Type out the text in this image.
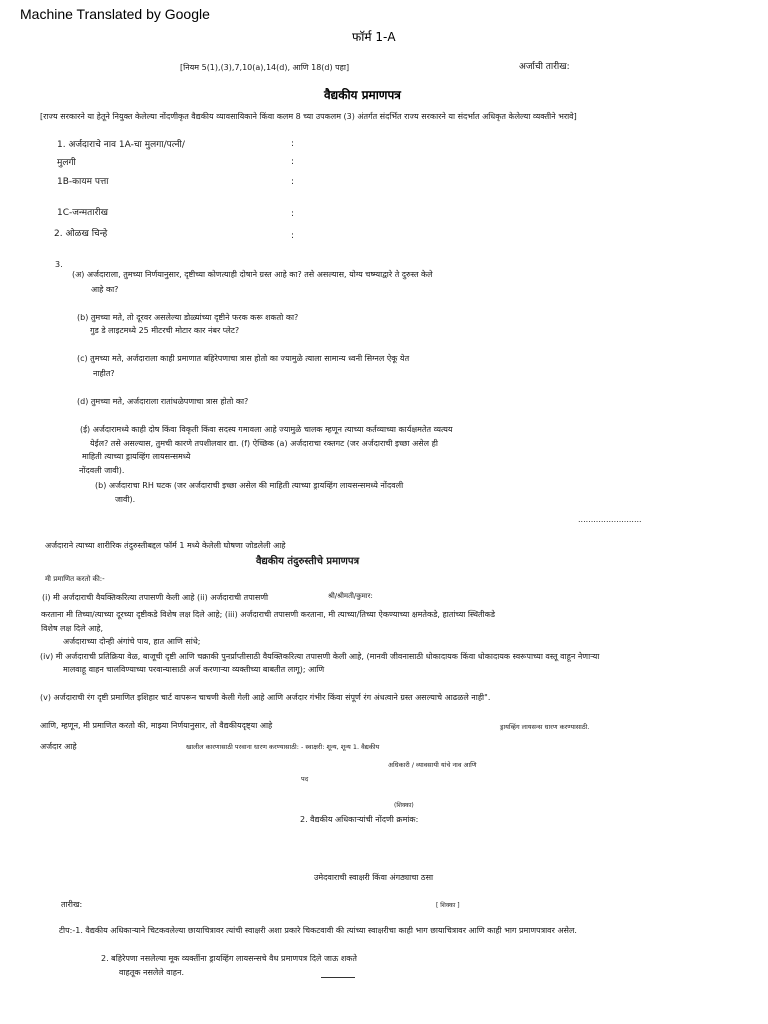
Machine Translated by Google
फॉर्म 1-A
[नियम 5(1),(3),7,10(a),14(d), आणि 18(d) पहा]	अर्जाची तारीख:
वैद्यकीय प्रमाणपत्र
[राज्य सरकारने या हेतूने नियुक्त केलेल्या नोंदणीकृत वैद्यकीय व्यावसायिकाने किंवा कलम 8 च्या उपकलम (3) अंतर्गत संदर्भित राज्य सरकारने या संदर्भात अधिकृत केलेल्या व्यक्तीने भरावे]
1. अर्जदाराचे नाव 1A-चा मुलगा/पत्नी/	:
मुलगी	:
1B-कायम पत्ता	:
1C-जन्मतारीख	:
2. ओळख चिन्हे	:
3.
(अ) अर्जदाराला, तुमच्या निर्णयानुसार, दृष्टीच्या कोणत्याही दोषाने ग्रस्त आहे का? तसे असल्यास, योग्य चष्म्याद्वारे ते दुरुस्त केले
आहे का?
(b) तुमच्या मते, तो दूरवर असलेल्या डोळ्यांच्या दृष्टीने फरक करू शकतो का?
गुड डे लाइटमध्ये 25 मीटरची मोटार कार नंबर प्लेट?
(c) तुमच्या मते, अर्जदाराला काही प्रमाणात बहिरेपणाचा त्रास होतो का ज्यामुळे त्याला सामान्य ध्वनी सिग्नल ऐकू येत
नाहीत?
(d) तुमच्या मते, अर्जदाराला रातांधळेपणाचा त्रास होतो का?
(ई) अर्जदारामध्ये काही दोष किंवा विकृती किंवा सदस्य गमावला आहे ज्यामुळे चालक म्हणून त्याच्या कर्तव्याच्या कार्यक्षमतेत व्यत्यय
येईल? तसे असल्यास, तुमची कारणे तपशीलवार द्या. (f) ऐच्छिक (a) अर्जदाराचा रक्तगट (जर अर्जदाराची इच्छा असेल ही
माहिती त्याच्या ड्रायव्हिंग लायसन्समध्ये
नोंदवली जावी).
(b) अर्जदाराचा RH घटक (जर अर्जदाराची इच्छा असेल की माहिती त्याच्या ड्रायव्हिंग लायसन्समध्ये नोंदवली
जावी).
.........................
अर्जदाराने त्याच्या शारीरिक तंदुरुस्तीबद्दल फॉर्म 1 मध्ये केलेली घोषणा जोडलेली आहे
वैद्यकीय तंदुरुस्तीचे प्रमाणपत्र
मी प्रमाणित करतो की:-
(i) मी अर्जदाराची वैयक्तिकरित्या तपासणी केली आहे (ii) अर्जदाराची तपासणी	श्री/श्रीमती/कुमार:
करताना मी तिच्या/त्याच्या दूरच्या दृष्टीकडे विशेष लक्ष दिले आहे; (iii) अर्जदाराची तपासणी करताना, मी त्याच्या/तिच्या ऐकण्याच्या क्षमतेकडे, हातांच्या स्थितीकडे
विशेष लक्ष दिले आहे,
अर्जदाराच्या दोन्ही अंगांचे पाय, हात आणि सांधे;
(iv) मी अर्जदाराची प्रतिक्रिया वेळ, बाजूची दृष्टी आणि चक्राकी पुनर्प्राप्तीसाठी वैयक्तिकरित्या तपासणी केली आहे, (मानवी जीवनासाठी धोकादायक किंवा धोकादायक स्वरूपाच्या वस्तू वाहून नेणाऱ्या
मालवाहू वाहन चालविण्याच्या परवान्यासाठी अर्ज करणाऱ्या व्यक्तीच्या बाबतीत लागू); आणि
(v) अर्जदाराची रंग दृष्टी प्रमाणित इशिहार चार्ट वापरून चाचणी केली गेली आहे आणि अर्जदार गंभीर किंवा संपूर्ण रंग अंधत्वाने ग्रस्त असल्याचे आढळले नाही".
आणि, म्हणून, मी प्रमाणित करतो की, माझ्या निर्णयानुसार, तो वैद्यकीयदृष्ट्या आहे	ड्रायव्हिंग लायसन्स धारण करण्यासाठी.
अर्जदार आहे	खालील कारणासाठी परवाना धारण करण्यासाठी: - स्वाक्षरी: शून्य, शून्य 1. वैद्यकीय
अधिकारी / व्यावसायी यांचे नाव आणि
पद
(शिक्का)
2. वैद्यकीय अधिकाऱ्यांची नोंदणी क्रमांक:
उमेदवाराची स्वाक्षरी किंवा अंगठ्याचा ठसा
तारीख:	[ शिक्का ]
टीप:-1. वैद्यकीय अधिकाऱ्याने चिटकवलेल्या छायाचित्रावर त्यांची स्वाक्षरी अशा प्रकारे चिकटवावी की त्यांच्या स्वाक्षरीचा काही भाग छायाचित्रावर आणि काही भाग प्रमाणपत्रावर असेल.
2. बहिरेपणा नसलेल्या मूक व्यक्तींना ड्रायव्हिंग लायसन्सचे वैध प्रमाणपत्र दिले जाऊ शकते
वाहतूक नसलेले वाहन.
